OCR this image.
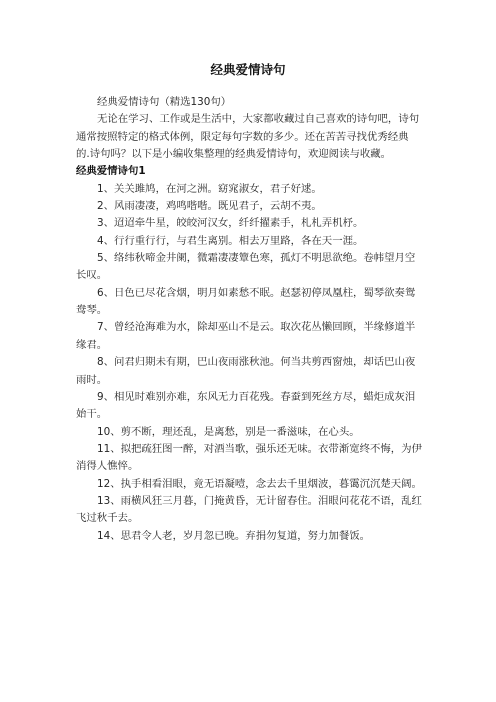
经典爱情诗句

经典爱情诗句（精选130句）

无论在学习、工作或是生活中，大家都收藏过自己喜欢的诗句吧，诗句通常按照特定的格式体例，限定每句字数的多少。还在苦苦寻找优秀经典的.诗句吗？以下是小编收集整理的经典爱情诗句，欢迎阅读与收藏。

经典爱情诗句1

1、关关雎鸠，在河之洲。窈窕淑女，君子好逑。

2、风雨凄凄，鸡鸣喈喈。既见君子，云胡不夷。

3、迢迢牵牛星，皎皎河汉女，纤纤擢素手，札札弄机杼。

4、行行重行行，与君生离别。相去万里路，各在天一涯。

5、络纬秋啼金井阑，微霜凄凄簟色寒，孤灯不明思欲绝。卷帏望月空长叹。

6、日色已尽花含烟，明月如素愁不眠。赵瑟初停凤凰柱，蜀琴欲奏鸳鸯琴。

7、曾经沧海难为水，除却巫山不是云。取次花丛懒回顾，半缘修道半缘君。

8、问君归期未有期，巴山夜雨涨秋池。何当共剪西窗烛，却话巴山夜雨时。

9、相见时难别亦难，东风无力百花残。春蚕到死丝方尽，蜡炬成灰泪始干。

10、剪不断，理还乱，是离愁，别是一番滋味，在心头。

11、拟把疏狂图一醉，对酒当歌，强乐还无味。衣带渐宽终不悔，为伊消得人憔悴。

12、执手相看泪眼，竟无语凝噎，念去去千里烟波，暮霭沉沉楚天阔。

13、雨横风狂三月暮，门掩黄昏，无计留春住。泪眼问花花不语，乱红飞过秋千去。

14、思君令人老，岁月忽已晚。弃捐勿复道，努力加餐饭。
